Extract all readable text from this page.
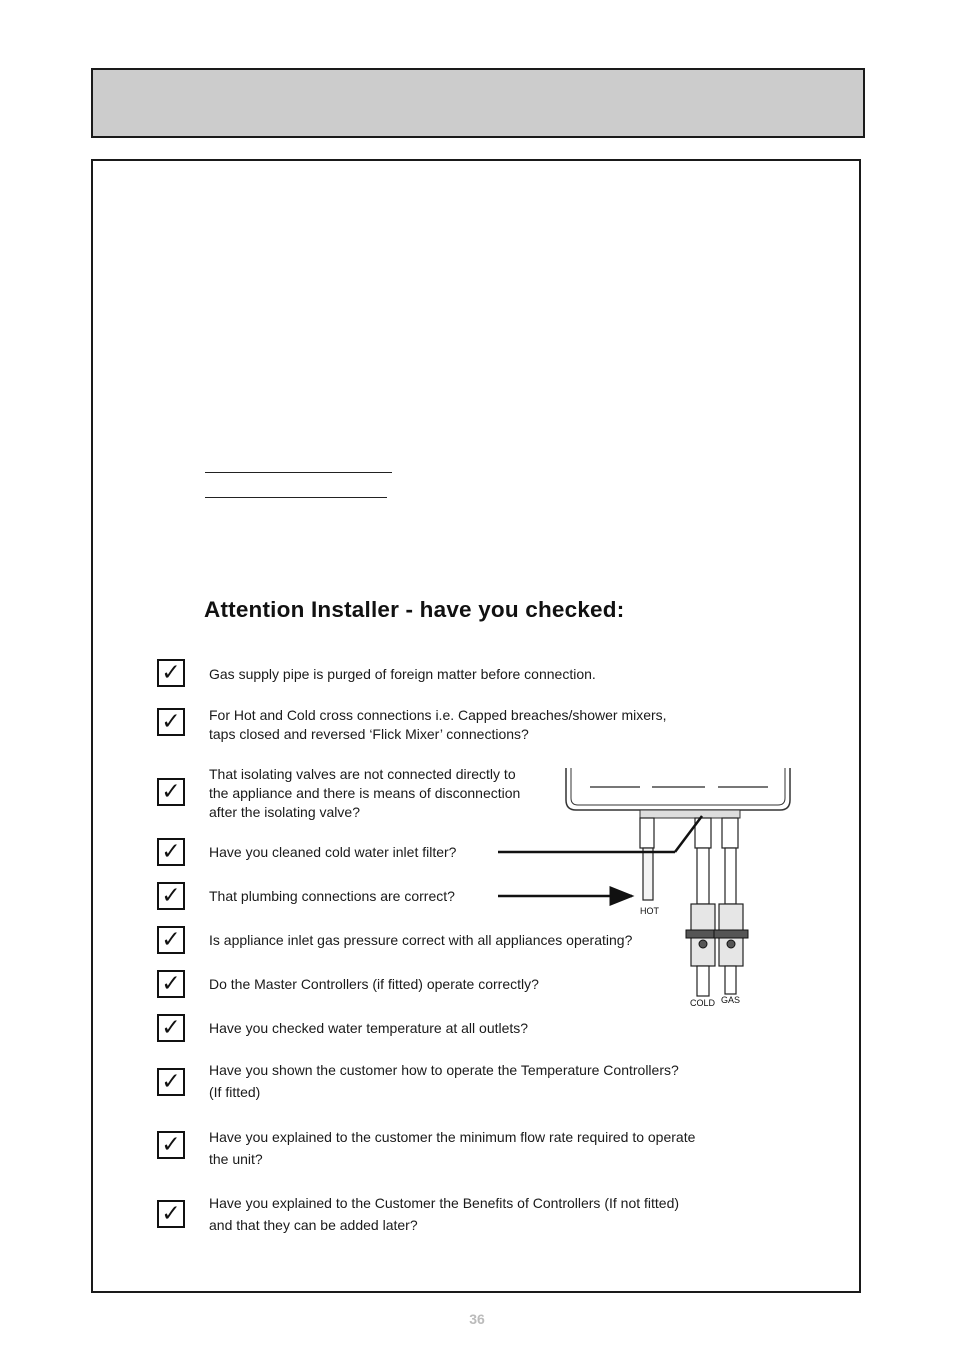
Attention Installer - have you checked:
✓
✓
✓
✓
✓
✓
✓
✓
✓
✓
✓
Gas supply pipe is purged of foreign matter before connection.
For Hot and Cold cross connections i.e. Capped breaches/shower mixers,
taps closed and reversed ‘Flick Mixer’ connections?
That isolating valves are not connected directly to
the appliance and there is means of disconnection
after the isolating valve?
Have you cleaned cold water inlet filter?
That plumbing connections are correct?
Is appliance inlet gas pressure correct with all appliances operating?
Do the Master Controllers (if fitted) operate correctly?
Have you checked water temperature at all outlets?
Have you shown the customer how to operate the Temperature Controllers?
(If fitted)
Have you explained to the customer the minimum flow rate required to operate
the unit?
Have you explained to the Customer the Benefits of Controllers (If not fitted)
and that they can be added later?
HOT
COLD GAS
36
